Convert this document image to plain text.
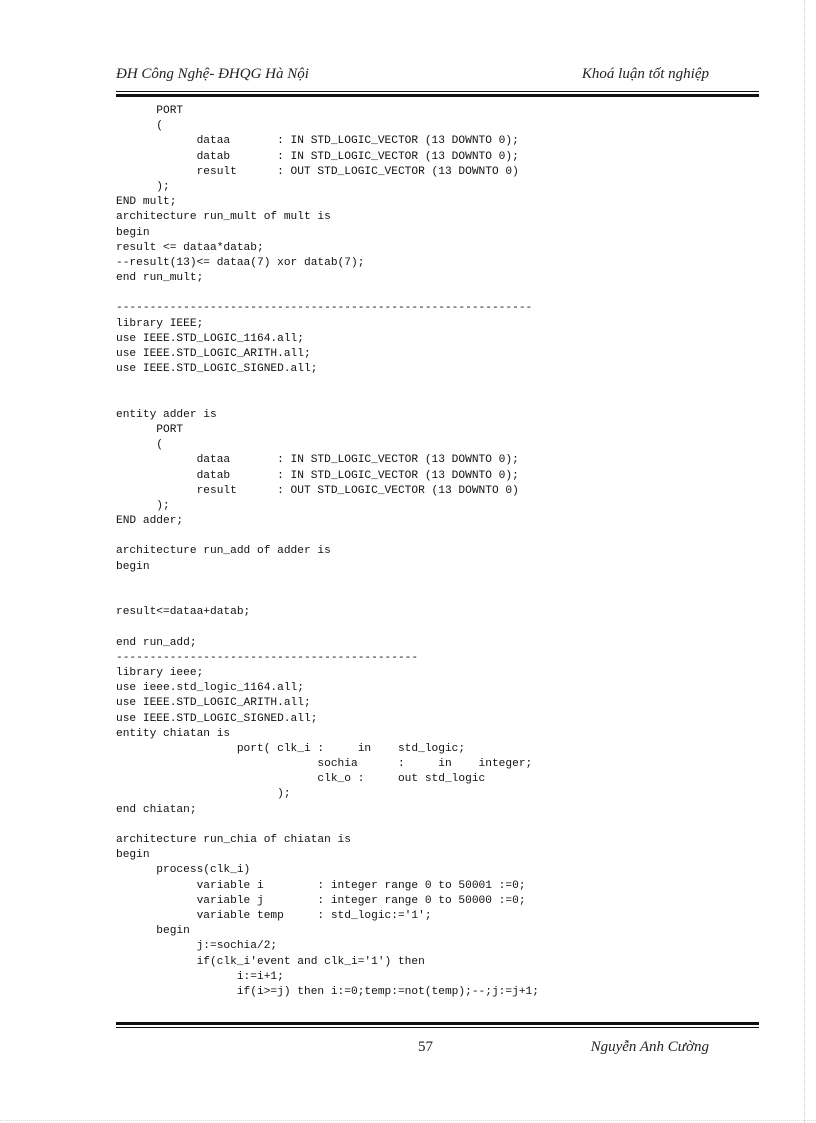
ĐH Công Nghệ- ĐHQG Hà Nội	Khoá luận tốt nghiệp
PORT
(
dataa       : IN STD_LOGIC_VECTOR (13 DOWNTO 0);
datab       : IN STD_LOGIC_VECTOR (13 DOWNTO 0);
result      : OUT STD_LOGIC_VECTOR (13 DOWNTO 0)
);
END mult;
architecture run_mult of mult is
begin
result <= dataa*datab;
--result(13)<= dataa(7) xor datab(7);
end run_mult;

--------------------------------------------------------------
library IEEE;
use IEEE.STD_LOGIC_1164.all;
use IEEE.STD_LOGIC_ARITH.all;
use IEEE.STD_LOGIC_SIGNED.all;

entity adder is
PORT
(
dataa       : IN STD_LOGIC_VECTOR (13 DOWNTO 0);
datab       : IN STD_LOGIC_VECTOR (13 DOWNTO 0);
result      : OUT STD_LOGIC_VECTOR (13 DOWNTO 0)
);
END adder;

architecture run_add of adder is
begin

result<=dataa+datab;

end run_add;
---------------------------------------------
library ieee;
use ieee.std_logic_1164.all;
use IEEE.STD_LOGIC_ARITH.all;
use IEEE.STD_LOGIC_SIGNED.all;
entity chiatan is
port( clk_i :     in    std_logic;
sochia      :     in    integer;
clk_o :     out std_logic
);
end chiatan;

architecture run_chia of chiatan is
begin
process(clk_i)
variable i        : integer range 0 to 50001 :=0;
variable j        : integer range 0 to 50000 :=0;
variable temp     : std_logic:='1';
begin
j:=sochia/2;
if(clk_i'event and clk_i='1') then
i:=i+1;
if(i>=j) then i:=0;temp:=not(temp);--;j:=j+1;
57	Nguyễn Anh Cường
